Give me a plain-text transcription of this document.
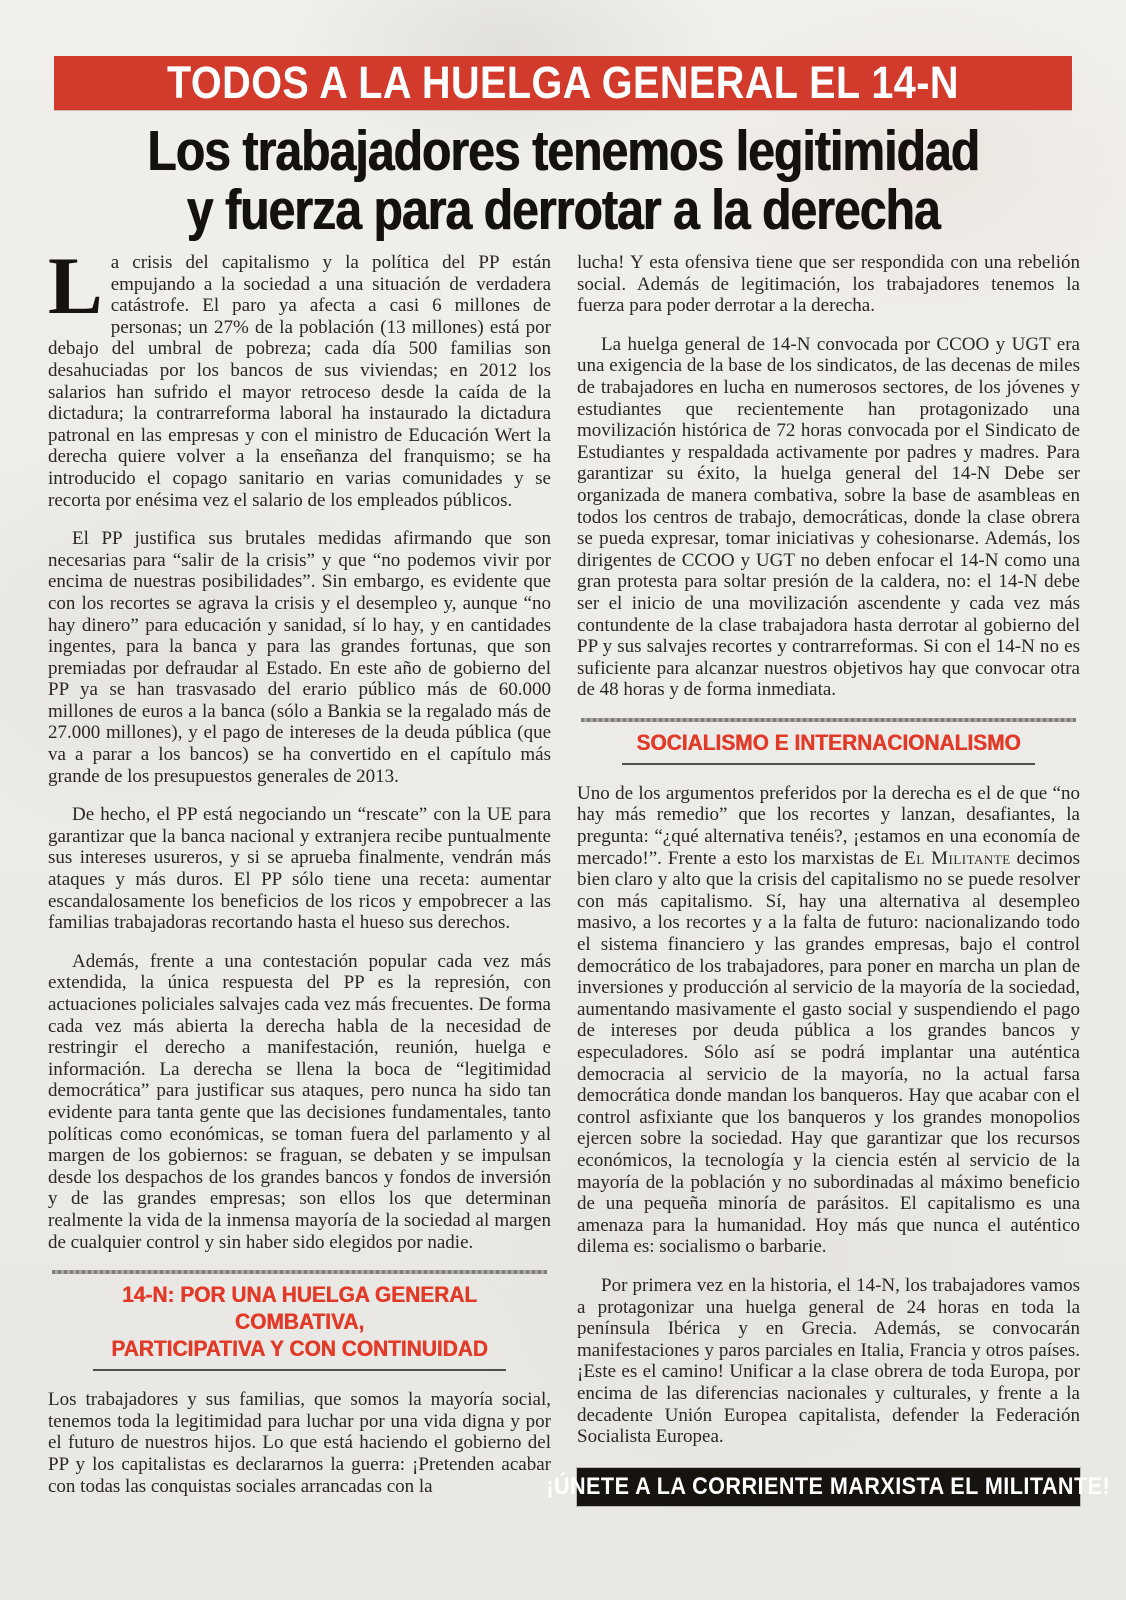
TODOS A LA HUELGA GENERAL EL 14-N
Los trabajadores tenemos legitimidad
y fuerza para derrotar a la derecha

La crisis del capitalismo y la política del PP están empujando a la sociedad a una situación de verdadera catástrofe. El paro ya afecta a casi 6 millones de personas; un 27% de la población (13 millones) está por debajo del umbral de pobreza; cada día 500 familias son desahuciadas por los bancos de sus viviendas; en 2012 los salarios han sufrido el mayor retroceso desde la caída de la dictadura; la contrarreforma laboral ha instaurado la dictadura patronal en las empresas y con el ministro de Educación Wert la derecha quiere volver a la enseñanza del franquismo; se ha introducido el copago sanitario en varias comunidades y se recorta por enésima vez el salario de los empleados públicos.

El PP justifica sus brutales medidas afirmando que son necesarias para “salir de la crisis” y que “no podemos vivir por encima de nuestras posibilidades”. Sin embargo, es evidente que con los recortes se agrava la crisis y el desempleo y, aunque “no hay dinero” para educación y sanidad, sí lo hay, y en cantidades ingentes, para la banca y para las grandes fortunas, que son premiadas por defraudar al Estado. En este año de gobierno del PP ya se han trasvasado del erario público más de 60.000 millones de euros a la banca (sólo a Bankia se la regalado más de 27.000 millones), y el pago de intereses de la deuda pública (que va a parar a los bancos) se ha convertido en el capítulo más grande de los presupuestos generales de 2013.

De hecho, el PP está negociando un “rescate” con la UE para garantizar que la banca nacional y extranjera recibe puntualmente sus intereses usureros, y si se aprueba finalmente, vendrán más ataques y más duros. El PP sólo tiene una receta: aumentar escandalosamente los beneficios de los ricos y empobrecer a las familias trabajadoras recortando hasta el hueso sus derechos.

Además, frente a una contestación popular cada vez más extendida, la única respuesta del PP es la represión, con actuaciones policiales salvajes cada vez más frecuentes. De forma cada vez más abierta la derecha habla de la necesidad de restringir el derecho a manifestación, reunión, huelga e información. La derecha se llena la boca de “legitimidad democrática” para justificar sus ataques, pero nunca ha sido tan evidente para tanta gente que las decisiones fundamentales, tanto políticas como económicas, se toman fuera del parlamento y al margen de los gobiernos: se fraguan, se debaten y se impulsan desde los despachos de los grandes bancos y fondos de inversión y de las grandes empresas; son ellos los que determinan realmente la vida de la inmensa mayoría de la sociedad al margen de cualquier control y sin haber sido elegidos por nadie.

14-N: POR UNA HUELGA GENERAL COMBATIVA,
PARTICIPATIVA Y CON CONTINUIDAD

Los trabajadores y sus familias, que somos la mayoría social, tenemos toda la legitimidad para luchar por una vida digna y por el futuro de nuestros hijos. Lo que está haciendo el gobierno del PP y los capitalistas es declararnos la guerra: ¡Pretenden acabar con todas las conquistas sociales arrancadas con la

lucha! Y esta ofensiva tiene que ser respondida con una rebelión social. Además de legitimación, los trabajadores tenemos la fuerza para poder derrotar a la derecha.

La huelga general de 14-N convocada por CCOO y UGT era una exigencia de la base de los sindicatos, de las decenas de miles de trabajadores en lucha en numerosos sectores, de los jóvenes y estudiantes que recientemente han protagonizado una movilización histórica de 72 horas convocada por el Sindicato de Estudiantes y respaldada activamente por padres y madres. Para garantizar su éxito, la huelga general del 14-N Debe ser organizada de manera combativa, sobre la base de asambleas en todos los centros de trabajo, democráticas, donde la clase obrera se pueda expresar, tomar iniciativas y cohesionarse. Además, los dirigentes de CCOO y UGT no deben enfocar el 14-N como una gran protesta para soltar presión de la caldera, no: el 14-N debe ser el inicio de una movilización ascendente y cada vez más contundente de la clase trabajadora hasta derrotar al gobierno del PP y sus salvajes recortes y contrarreformas. Si con el 14-N no es suficiente para alcanzar nuestros objetivos hay que convocar otra de 48 horas y de forma inmediata.

SOCIALISMO E INTERNACIONALISMO

Uno de los argumentos preferidos por la derecha es el de que “no hay más remedio” que los recortes y lanzan, desafiantes, la pregunta: “¿qué alternativa tenéis?, ¡estamos en una economía de mercado!”. Frente a esto los marxistas de El Militante decimos bien claro y alto que la crisis del capitalismo no se puede resolver con más capitalismo. Sí, hay una alternativa al desempleo masivo, a los recortes y a la falta de futuro: nacionalizando todo el sistema financiero y las grandes empresas, bajo el control democrático de los trabajadores, para poner en marcha un plan de inversiones y producción al servicio de la mayoría de la sociedad, aumentando masivamente el gasto social y suspendiendo el pago de intereses por deuda pública a los grandes bancos y especuladores. Sólo así se podrá implantar una auténtica democracia al servicio de la mayoría, no la actual farsa democrática donde mandan los banqueros. Hay que acabar con el control asfixiante que los banqueros y los grandes monopolios ejercen sobre la sociedad. Hay que garantizar que los recursos económicos, la tecnología y la ciencia estén al servicio de la mayoría de la población y no subordinadas al máximo beneficio de una pequeña minoría de parásitos. El capitalismo es una amenaza para la humanidad. Hoy más que nunca el auténtico dilema es: socialismo o barbarie.

Por primera vez en la historia, el 14-N, los trabajadores vamos a protagonizar una huelga general de 24 horas en toda la península Ibérica y en Grecia. Además, se convocarán manifestaciones y paros parciales en Italia, Francia y otros países. ¡Este es el camino! Unificar a la clase obrera de toda Europa, por encima de las diferencias nacionales y culturales, y frente a la decadente Unión Europea capitalista, defender la Federación Socialista Europea.

¡ÚNETE A LA CORRIENTE MARXISTA EL MILITANTE!
